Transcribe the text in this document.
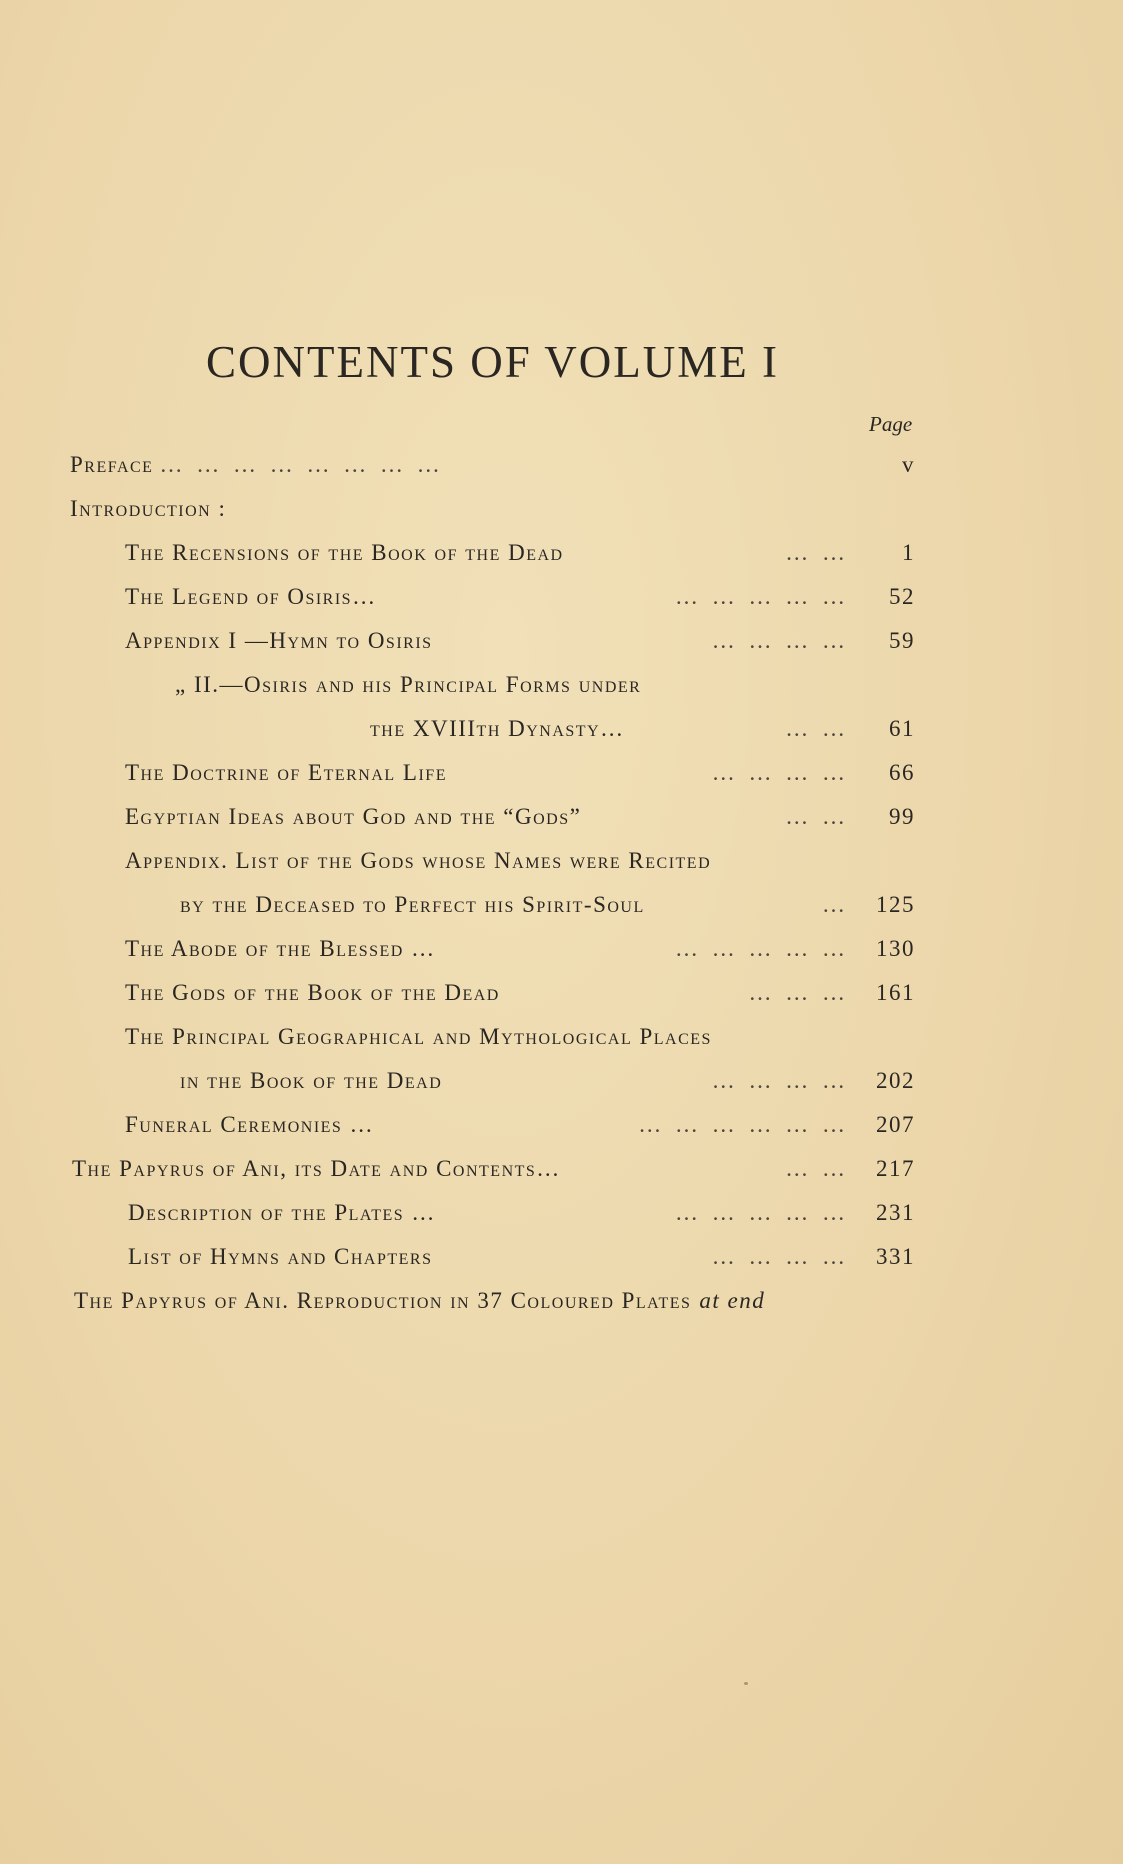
CONTENTS OF VOLUME I
Page
Preface … … … … … … … …	v
Introduction :
The Recensions of the Book of the Dead	… …	1
The Legend of Osiris…	… … … … …	52
Appendix I —Hymn to Osiris	… … … …	59
„ II.—Osiris and his Principal Forms under
the XVIIIth Dynasty…	… …	61
The Doctrine of Eternal Life	… … … …	66
Egyptian Ideas about God and the “Gods”	… …	99
Appendix. List of the Gods whose Names were Recited
by the Deceased to Perfect his Spirit-Soul	…	125
The Abode of the Blessed …	… … … … …	130
The Gods of the Book of the Dead	… … …	161
The Principal Geographical and Mythological Places
in the Book of the Dead	… … … …	202
Funeral Ceremonies …	… … … … … …	207
The Papyrus of Ani, its Date and Contents…	… …	217
Description of the Plates …	… … … … …	231
List of Hymns and Chapters	… … … …	331
The Papyrus of Ani. Reproduction in 37 Coloured Plates at end
